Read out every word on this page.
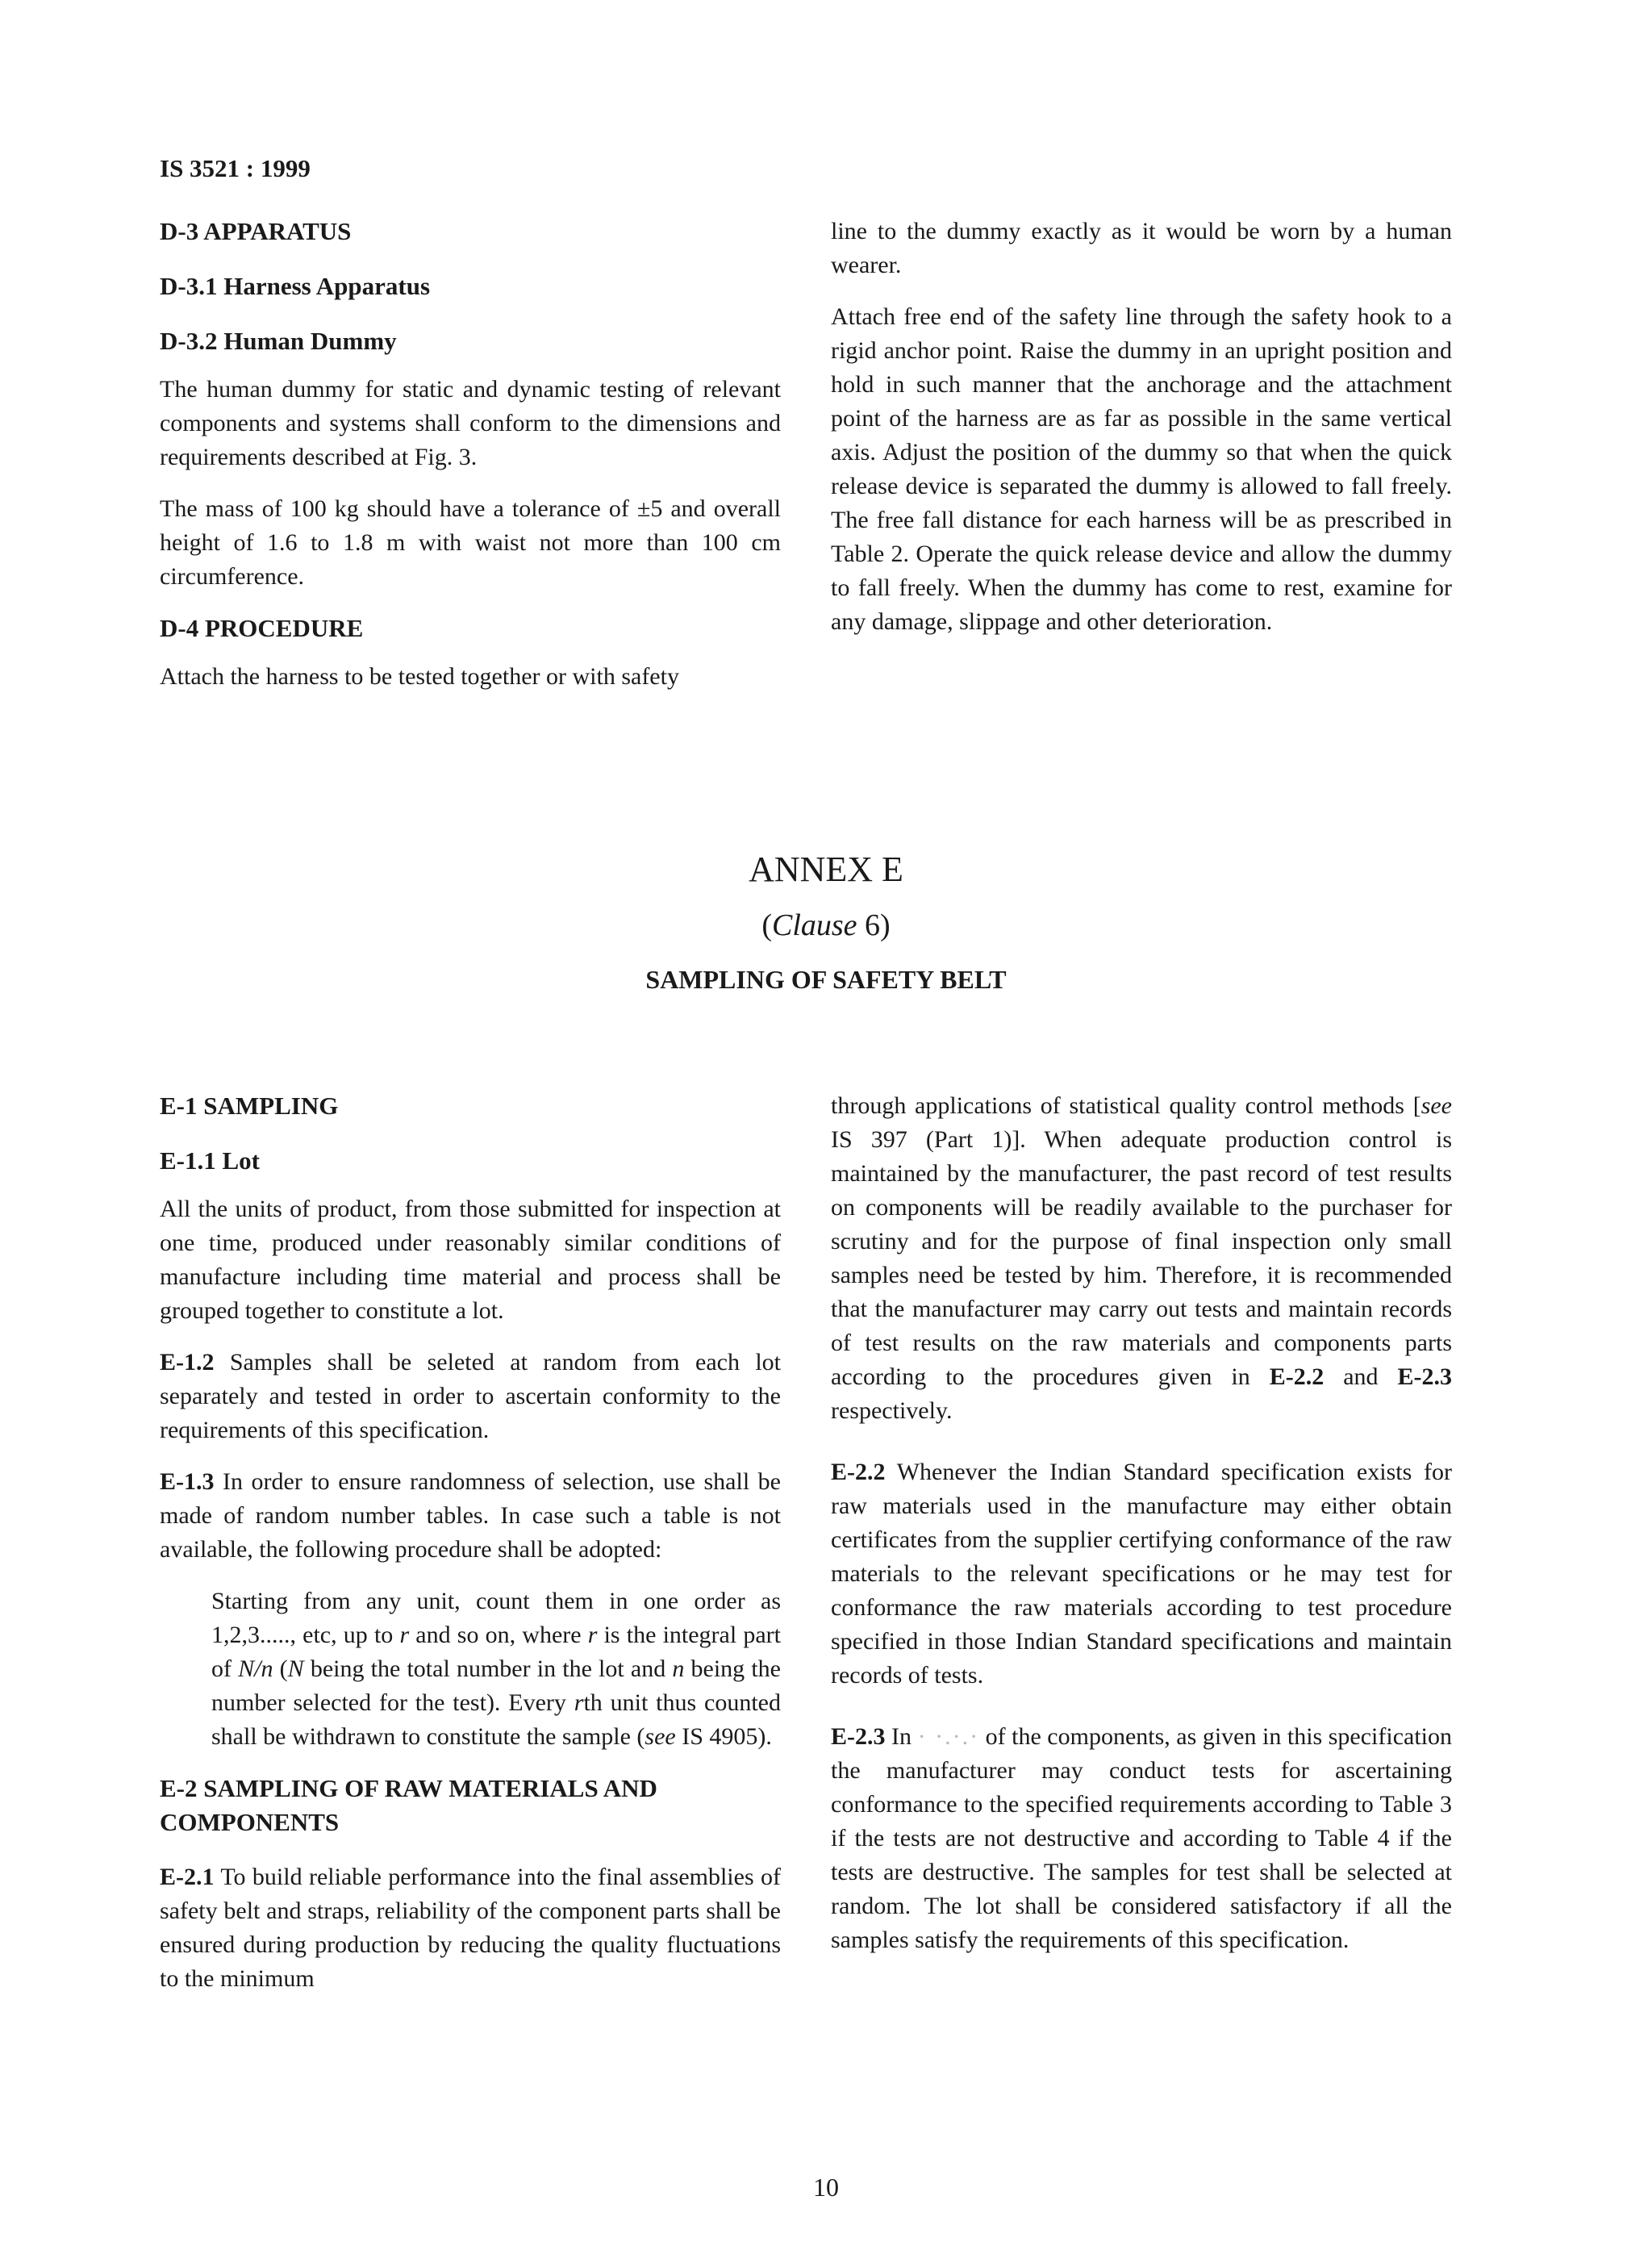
IS 3521 : 1999
D-3 APPARATUS
D-3.1 Harness Apparatus
D-3.2 Human Dummy

The human dummy for static and dynamic testing of relevant components and systems shall conform to the dimensions and requirements described at Fig. 3.

The mass of 100 kg should have a tolerance of ±5 and overall height of 1.6 to 1.8 m with waist not more than 100 cm circumference.

D-4 PROCEDURE

Attach the harness to be tested together or with safety

line to the dummy exactly as it would be worn by a human wearer.

Attach free end of the safety line through the safety hook to a rigid anchor point. Raise the dummy in an upright position and hold in such manner that the anchorage and the attachment point of the harness are as far as possible in the same vertical axis. Adjust the position of the dummy so that when the quick release device is separated the dummy is allowed to fall freely. The free fall distance for each harness will be as prescribed in Table 2. Operate the quick release device and allow the dummy to fall freely. When the dummy has come to rest, examine for any damage, slippage and other deterioration.

ANNEX E
(Clause 6)
SAMPLING OF SAFETY BELT
E-1 SAMPLING
E-1.1 Lot

All the units of product, from those submitted for inspection at one time, produced under reasonably similar conditions of manufacture including time material and process shall be grouped together to constitute a lot.

E-1.2 Samples shall be seleted at random from each lot separately and tested in order to ascertain conformity to the requirements of this specification.

E-1.3 In order to ensure randomness of selection, use shall be made of random number tables. In case such a table is not available, the following procedure shall be adopted:

Starting from any unit, count them in one order as 1,2,3....., etc, up to r and so on, where r is the integral part of N/n (N being the total number in the lot and n being the number selected for the test). Every rth unit thus counted shall be withdrawn to constitute the sample (see IS 4905).

E-2 SAMPLING OF RAW MATERIALS AND COMPONENTS

E-2.1 To build reliable performance into the final assemblies of safety belt and straps, reliability of the component parts shall be ensured during production by reducing the quality fluctuations to the minimum

through applications of statistical quality control methods [see IS 397 (Part 1)]. When adequate production control is maintained by the manufacturer, the past record of test results on components will be readily available to the purchaser for scrutiny and for the purpose of final inspection only small samples need be tested by him. Therefore, it is recommended that the manufacturer may carry out tests and maintain records of test results on the raw materials and components parts according to the procedures given in E-2.2 and E-2.3 respectively.

E-2.2 Whenever the Indian Standard specification exists for raw materials used in the manufacture may either obtain certificates from the supplier certifying conformance of the raw materials to the relevant specifications or he may test for conformance the raw materials according to test procedure specified in those Indian Standard specifications and maintain records of tests.

E-2.3 In · ·.·.· of the components, as given in this specification the manufacturer may conduct tests for ascertaining conformance to the specified requirements according to Table 3 if the tests are not destructive and according to Table 4 if the tests are destructive. The samples for test shall be selected at random. The lot shall be considered satisfactory if all the samples satisfy the requirements of this specification.

10
